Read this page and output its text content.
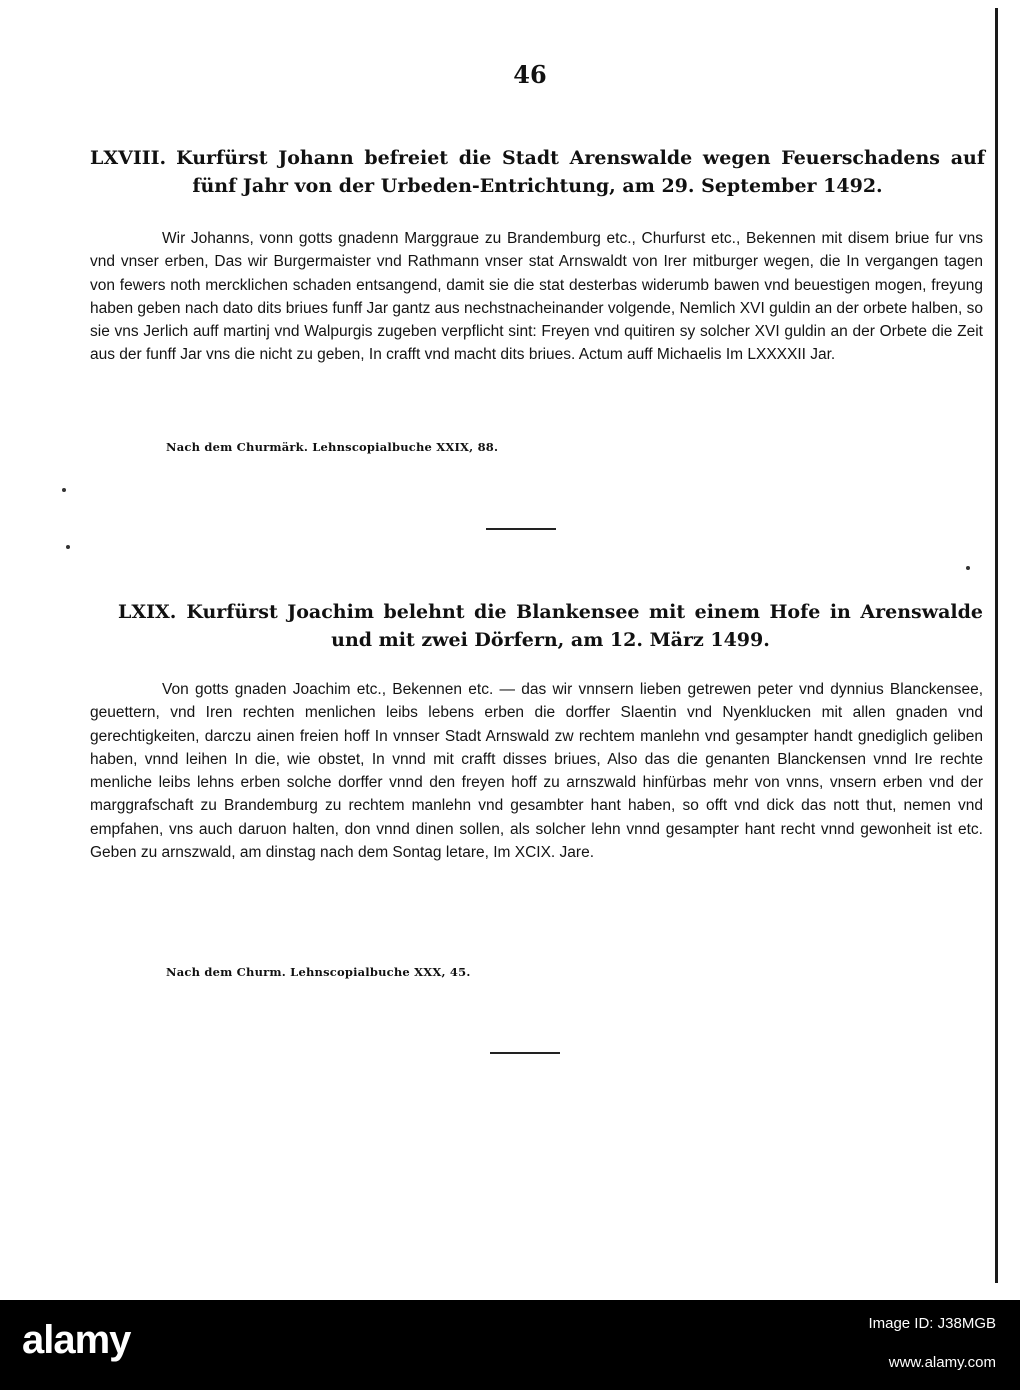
46
LXVIII. Kurfürst Johann befreiet die Stadt Arenswalde wegen Feuerschadens auf fünf Jahr von der Urbeden-Entrichtung, am 29. September 1492.
Wir Johanns, vonn gotts gnadenn Marggraue zu Brandemburg etc., Churfurst etc., Bekennen mit disem briue fur vns vnd vnser erben, Das wir Burgermaister vnd Rathmann vnser stat Arnswaldt von Irer mitburger wegen, die In vergangen tagen von fewers noth mercklichen schaden entsangend, damit sie die stat desterbas widerumb bawen vnd beuestigen mogen, freyung haben geben nach dato dits briues funff Jar gantz aus nechstnacheinander volgende, Nemlich XVI guldin an der orbete halben, so sie vns Jerlich auff martinj vnd Walpurgis zugeben verpflicht sint: Freyen vnd quitiren sy solcher XVI guldin an der Orbete die Zeit aus der funff Jar vns die nicht zu geben, In crafft vnd macht dits briues. Actum auff Michaelis Im LXXXXII Jar.
Nach dem Churmärk. Lehnscopialbuche XXIX, 88.
LXIX. Kurfürst Joachim belehnt die Blankensee mit einem Hofe in Arenswalde und mit zwei Dörfern, am 12. März 1499.
Von gotts gnaden Joachim etc., Bekennen etc. — das wir vnnsern lieben getrewen peter vnd dynnius Blanckensee, geuettern, vnd Iren rechten menlichen leibs lebens erben die dorffer Slaentin vnd Nyenklucken mit allen gnaden vnd gerechtigkeiten, darczu ainen freien hoff In vnnser Stadt Arnswald zw rechtem manlehn vnd gesampter handt gnediglich geliben haben, vnnd leihen In die, wie obstet, In vnnd mit crafft disses briues, Also das die genanten Blanckensen vnnd Ire rechte menliche leibs lehns erben solche dorffer vnnd den freyen hoff zu arnszwald hinfürbas mehr von vnns, vnsern erben vnd der marggrafschaft zu Brandemburg zu rechtem manlehn vnd gesambter hant haben, so offt vnd dick das nott thut, nemen vnd empfahen, vns auch daruon halten, don vnnd dinen sollen, als solcher lehn vnnd gesampter hant recht vnnd gewonheit ist etc. Geben zu arnszwald, am dinstag nach dem Sontag letare, Im XCIX. Jare.
Nach dem Churm. Lehnscopialbuche XXX, 45.
alamy	Image ID: J38MGB
www.alamy.com
